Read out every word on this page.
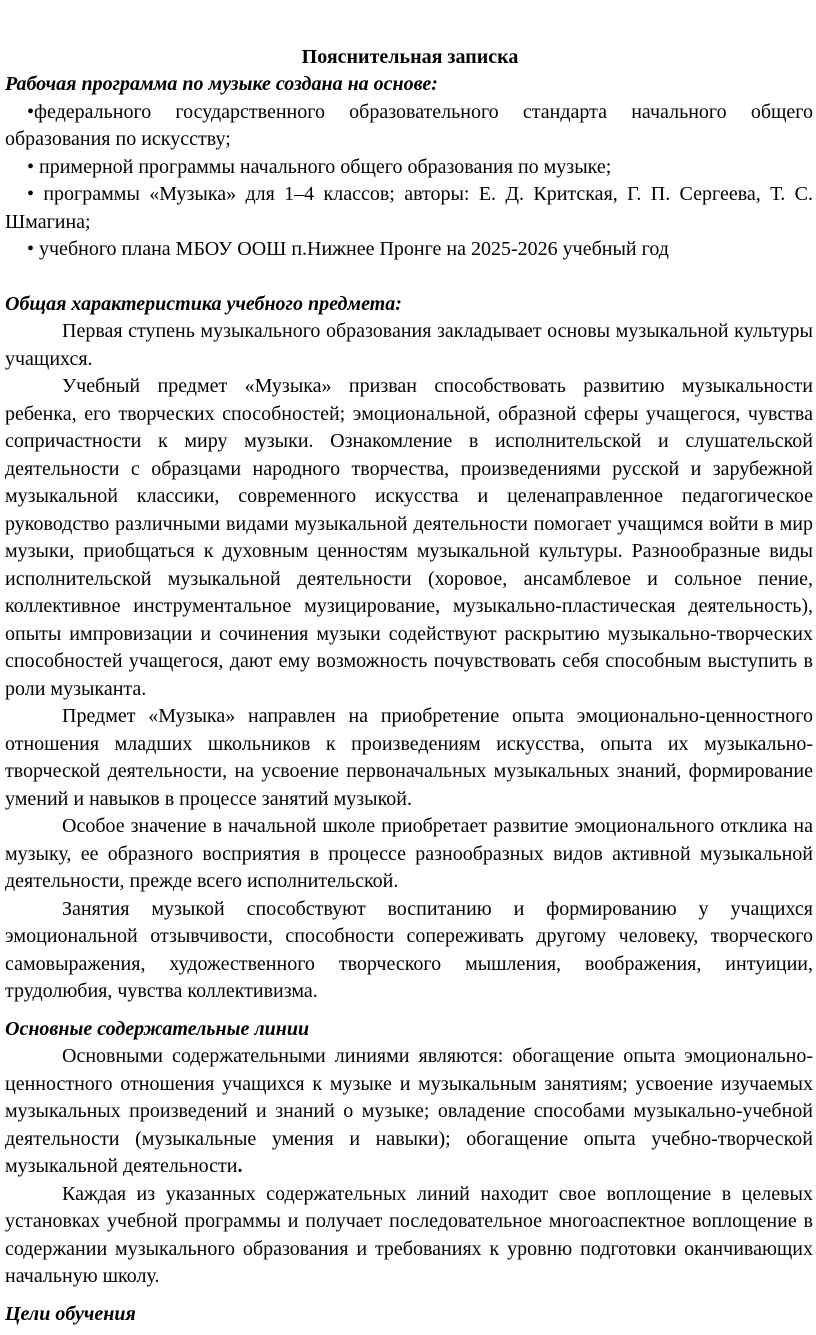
Пояснительная записка

Рабочая программа по музыке создана на основе:

•федерального государственного образовательного стандарта начального общего образования по искусству;

• примерной программы начального общего образования по музыке;

• программы «Музыка» для 1–4 классов; авторы: Е. Д. Критская, Г. П. Сергеева, Т. С. Шмагина;

• учебного плана МБОУ ООШ п.Нижнее Пронге на 2025-2026 учебный год

Общая характеристика учебного предмета:

Первая ступень музыкального образования закладывает основы музыкальной культуры учащихся.

Учебный предмет «Музыка» призван способствовать развитию музыкальности ребенка, его творческих способностей; эмоциональной, образной сферы учащегося, чувства сопричастности к миру музыки. Ознакомление в исполнительской и слушательской деятельности с образцами народного творчества, произведениями русской и зарубежной музыкальной классики, современного искусства и целенаправленное педагогическое руководство различными видами музыкальной деятельности помогает учащимся войти в мир музыки, приобщаться к духовным ценностям музыкальной культуры. Разнообразные виды исполнительской музыкальной деятельности (хоровое, ансамблевое и сольное пение, коллективное инструментальное музицирование, музыкально-пластическая деятельность), опыты импровизации и сочинения музыки содействуют раскрытию музыкально-творческих способностей учащегося, дают ему возможность почувствовать себя способным выступить в роли музыканта.

Предмет «Музыка» направлен на приобретение опыта эмоционально-ценностного отношения младших школьников к произведениям искусства, опыта их музыкально-творческой деятельности, на усвоение первоначальных музыкальных знаний, формирование умений и навыков в процессе занятий музыкой.

Особое значение в начальной школе приобретает развитие эмоционального отклика на музыку, ее образного восприятия в процессе разнообразных видов активной музыкальной деятельности, прежде всего исполнительской.

Занятия музыкой способствуют воспитанию и формированию у учащихся эмоциональной отзывчивости, способности сопереживать другому человеку, творческого самовыражения, художественного творческого мышления, воображения, интуиции, трудолюбия, чувства коллективизма.

Основные содержательные линии

Основными содержательными линиями являются: обогащение опыта эмоционально-ценностного отношения учащихся к музыке и музыкальным занятиям; усвоение изучаемых музыкальных произведений и знаний о музыке; овладение способами музыкально-учебной деятельности (музыкальные умения и навыки); обогащение опыта учебно-творческой музыкальной деятельности.

Каждая из указанных содержательных линий находит свое воплощение в целевых установках учебной программы и получает последовательное многоаспектное воплощение в содержании музыкального образования и требованиях к уровню подготовки оканчивающих начальную школу.

Цели обучения
